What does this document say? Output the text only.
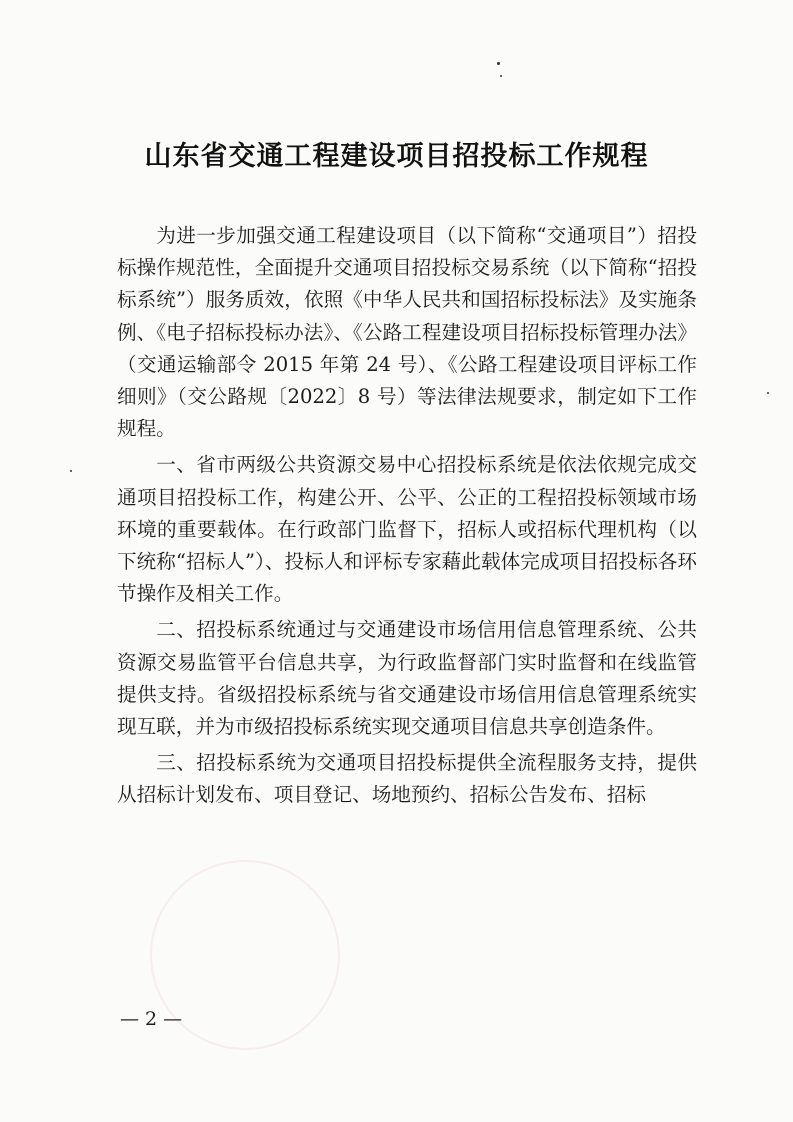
山东省交通工程建设项目招投标工作规程

为进一步加强交通工程建设项目（以下简称“交通项目”）招投标操作规范性，全面提升交通项目招投标交易系统（以下简称“招投标系统”）服务质效，依照《中华人民共和国招标投标法》及实施条例、《电子招标投标办法》、《公路工程建设项目招标投标管理办法》（交通运输部令 2015 年第 24 号）、《公路工程建设项目评标工作细则》（交公路规〔2022〕8 号）等法律法规要求，制定如下工作规程。

一、省市两级公共资源交易中心招投标系统是依法依规完成交通项目招投标工作，构建公开、公平、公正的工程招投标领域市场环境的重要载体。在行政部门监督下，招标人或招标代理机构（以下统称“招标人”）、投标人和评标专家藉此载体完成项目招投标各环节操作及相关工作。

二、招投标系统通过与交通建设市场信用信息管理系统、公共资源交易监管平台信息共享，为行政监督部门实时监督和在线监管提供支持。省级招投标系统与省交通建设市场信用信息管理系统实现互联，并为市级招投标系统实现交通项目信息共享创造条件。

三、招投标系统为交通项目招投标提供全流程服务支持，提供从招标计划发布、项目登记、场地预约、招标公告发布、招标

— 2 —
